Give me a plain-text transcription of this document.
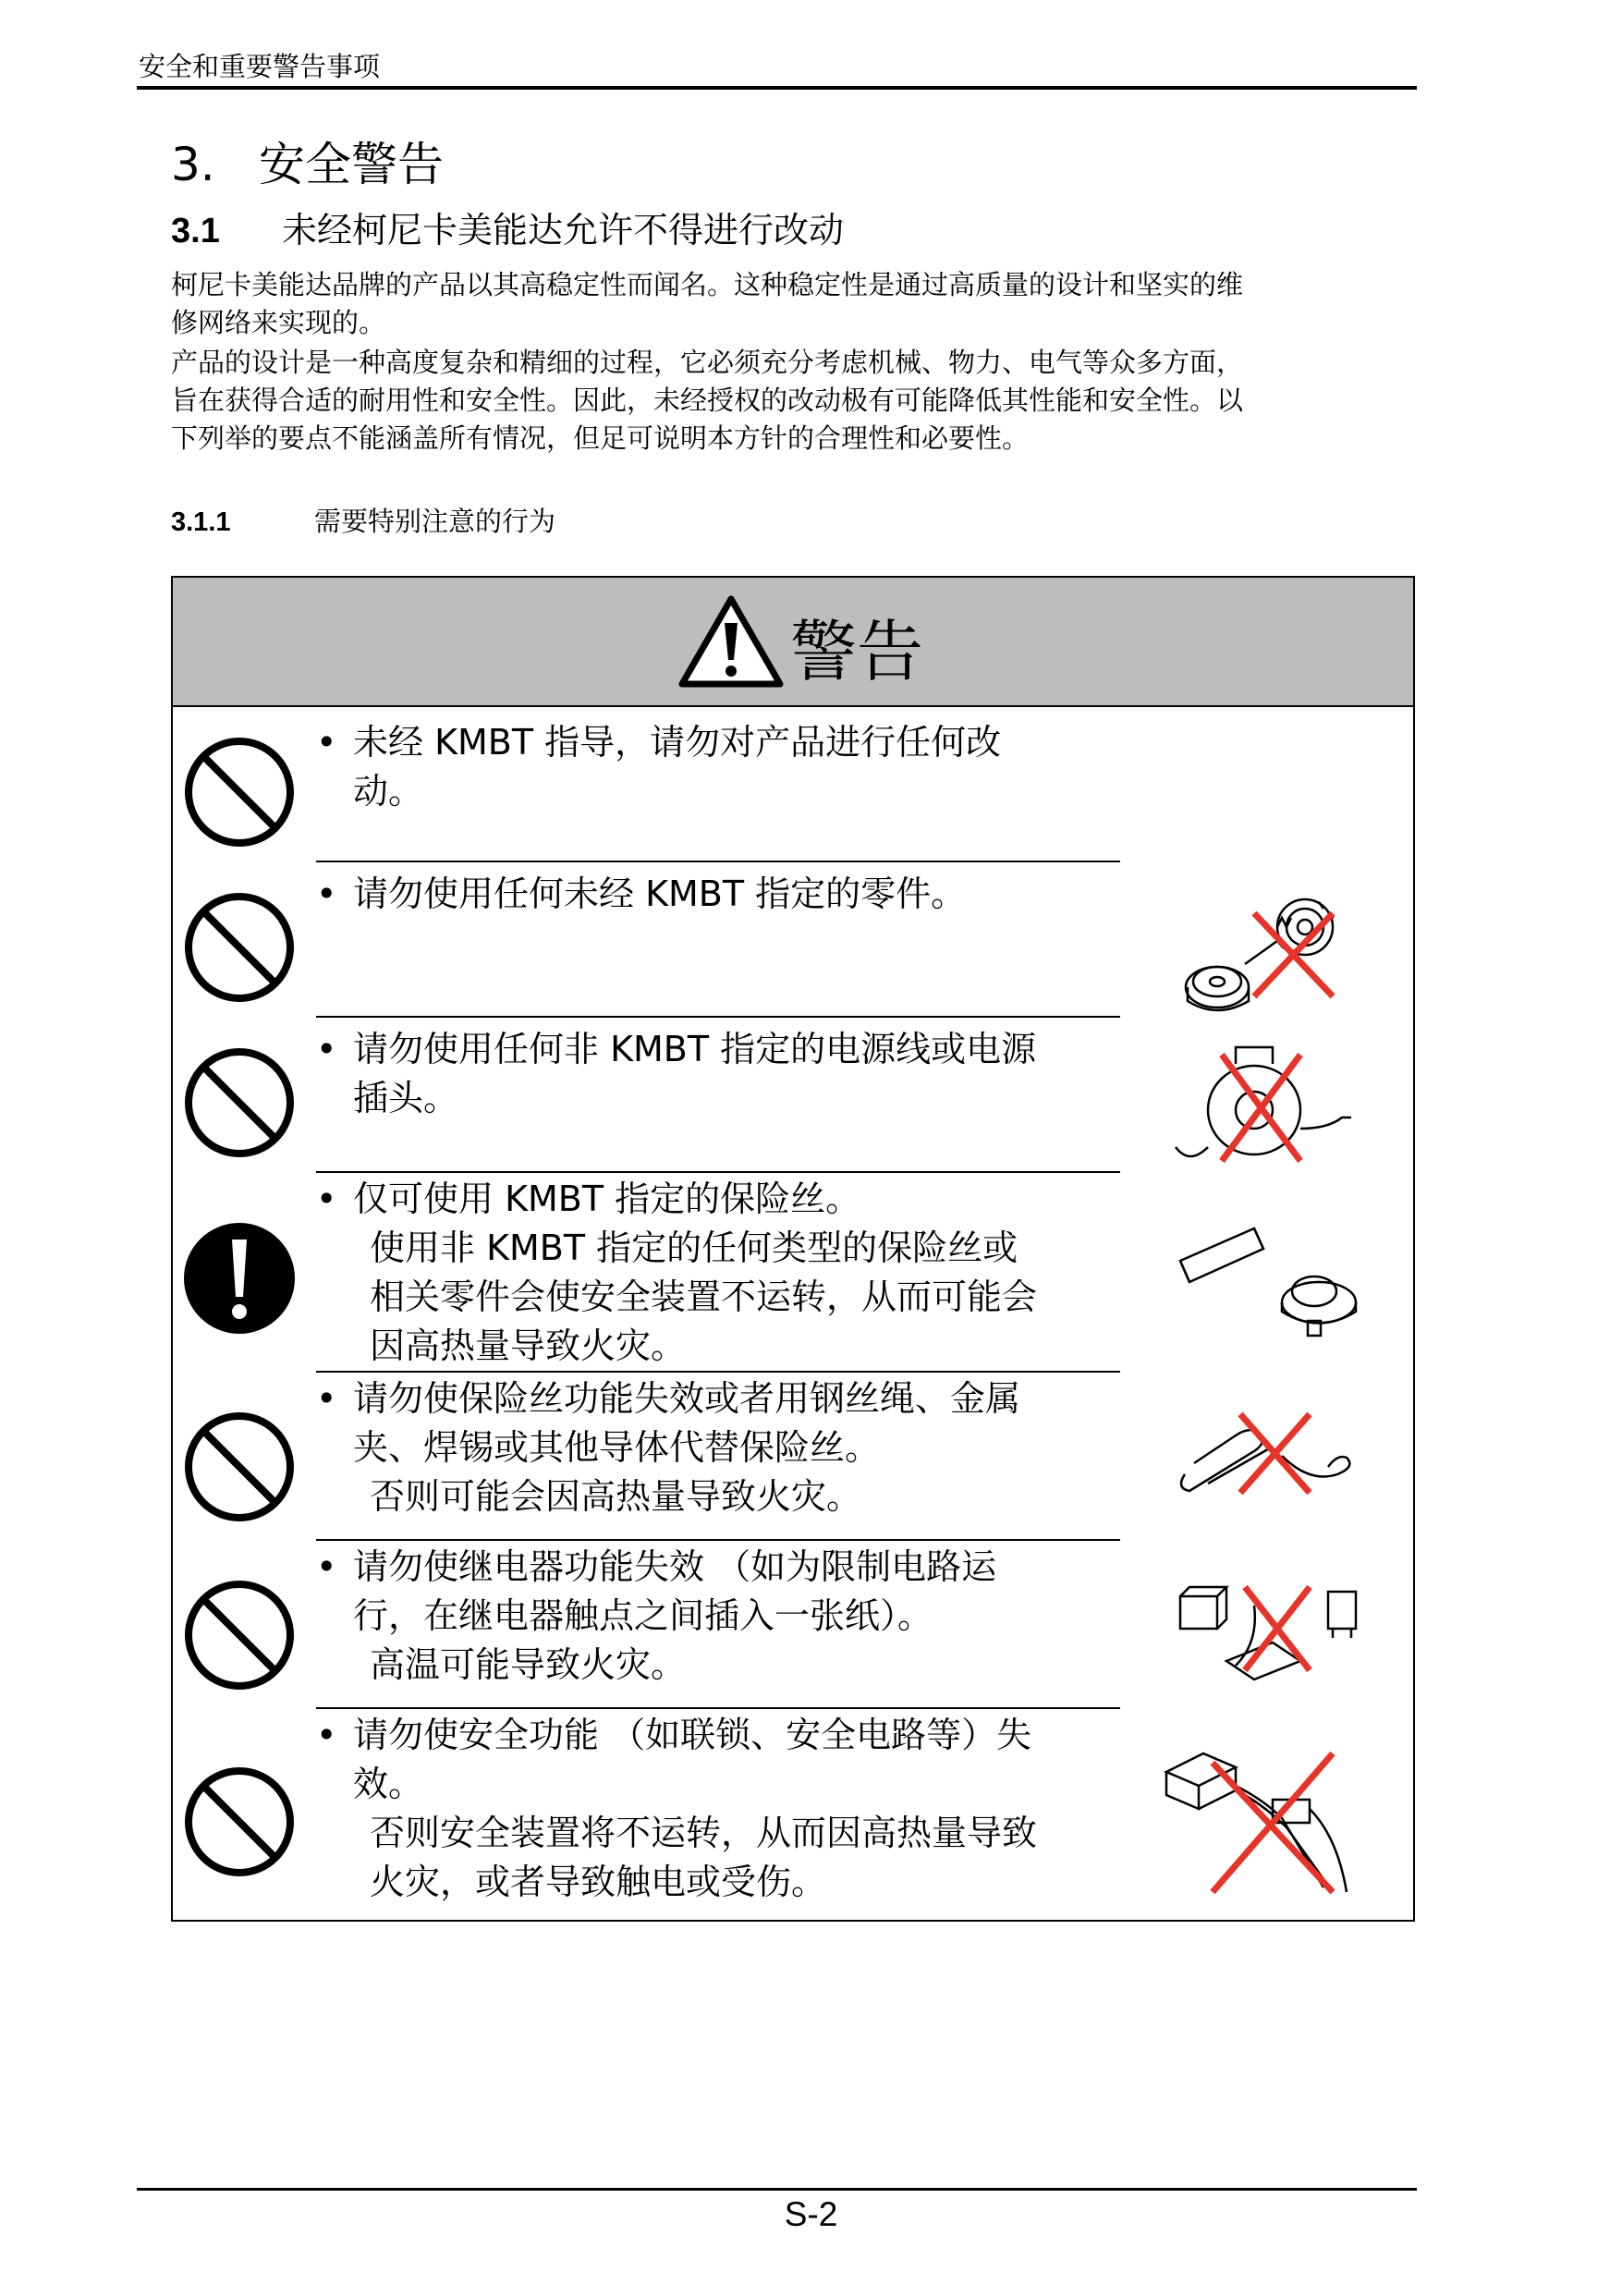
安全和重要警告事项
3. 安全警告
3.1 未经柯尼卡美能达允许不得进行改动
柯尼卡美能达品牌的产品以其高稳定性而闻名。这种稳定性是通过高质量的设计和坚实的维
修网络来实现的。
产品的设计是一种高度复杂和精细的过程，它必须充分考虑机械、物力、电气等众多方面，
旨在获得合适的耐用性和安全性。因此，未经授权的改动极有可能降低其性能和安全性。以
下列举的要点不能涵盖所有情况，但足可说明本方针的合理性和必要性。
3.1.1	需要特别注意的行为
警告
• 未经 KMBT 指导，请勿对产品进行任何改
动。
• 请勿使用任何未经 KMBT 指定的零件。
• 请勿使用任何非 KMBT 指定的电源线或电源
插头。
• 仅可使用 KMBT 指定的保险丝。
使用非 KMBT 指定的任何类型的保险丝或
相关零件会使安全装置不运转，从而可能会
因高热量导致火灾。
• 请勿使保险丝功能失效或者用钢丝绳、金属
夹、焊锡或其他导体代替保险丝。
否则可能会因高热量导致火灾。
• 请勿使继电器功能失效 （如为限制电路运
行，在继电器触点之间插入一张纸）。
高温可能导致火灾。
• 请勿使安全功能 （如联锁、安全电路等）失
效。
否则安全装置将不运转，从而因高热量导致
火灾，或者导致触电或受伤。
S-2
